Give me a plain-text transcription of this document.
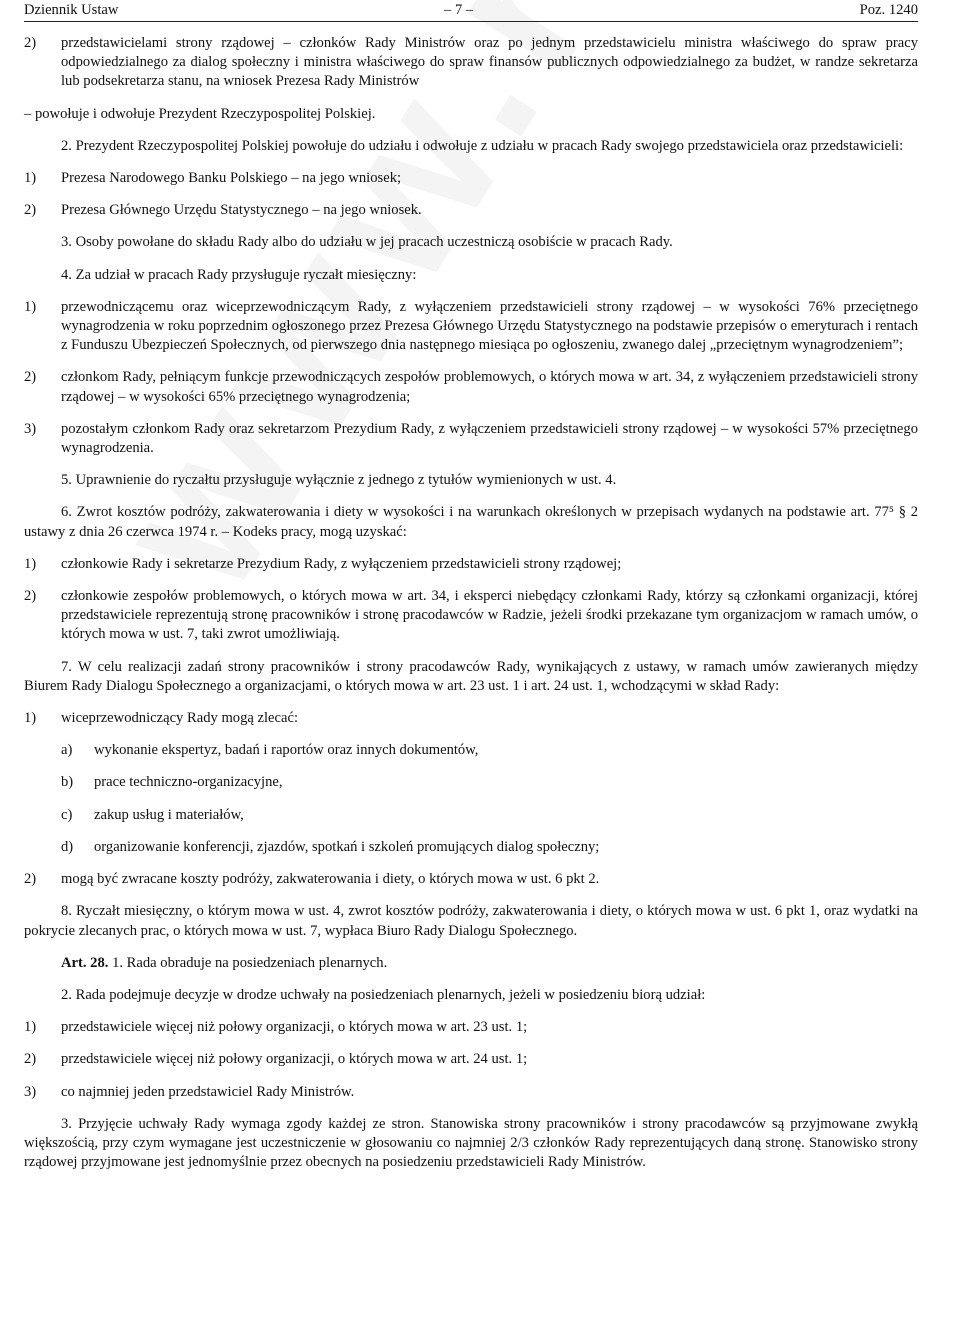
Dziennik Ustaw	– 7 –	Poz. 1240

2) przedstawicielami strony rządowej – członków Rady Ministrów oraz po jednym przedstawicielu ministra właściwego do spraw pracy odpowiedzialnego za dialog społeczny i ministra właściwego do spraw finansów publicznych odpowiedzialnego za budżet, w randze sekretarza lub podsekretarza stanu, na wniosek Prezesa Rady Ministrów

– powołuje i odwołuje Prezydent Rzeczypospolitej Polskiej.

2. Prezydent Rzeczypospolitej Polskiej powołuje do udziału i odwołuje z udziału w pracach Rady swojego przedstawiciela oraz przedstawicieli:

1) Prezesa Narodowego Banku Polskiego – na jego wniosek;

2) Prezesa Głównego Urzędu Statystycznego – na jego wniosek.

3. Osoby powołane do składu Rady albo do udziału w jej pracach uczestniczą osobiście w pracach Rady.

4. Za udział w pracach Rady przysługuje ryczałt miesięczny:

1) przewodniczącemu oraz wiceprzewodniczącym Rady, z wyłączeniem przedstawicieli strony rządowej – w wysokości 76% przeciętnego wynagrodzenia w roku poprzednim ogłoszonego przez Prezesa Głównego Urzędu Statystycznego na podstawie przepisów o emeryturach i rentach z Funduszu Ubezpieczeń Społecznych, od pierwszego dnia następnego miesiąca po ogłoszeniu, zwanego dalej „przeciętnym wynagrodzeniem”;

2) członkom Rady, pełniącym funkcje przewodniczących zespołów problemowych, o których mowa w art. 34, z wyłączeniem przedstawicieli strony rządowej – w wysokości 65% przeciętnego wynagrodzenia;

3) pozostałym członkom Rady oraz sekretarzom Prezydium Rady, z wyłączeniem przedstawicieli strony rządowej – w wysokości 57% przeciętnego wynagrodzenia.

5. Uprawnienie do ryczałtu przysługuje wyłącznie z jednego z tytułów wymienionych w ust. 4.

6. Zwrot kosztów podróży, zakwaterowania i diety w wysokości i na warunkach określonych w przepisach wydanych na podstawie art. 77⁵ § 2 ustawy z dnia 26 czerwca 1974 r. – Kodeks pracy, mogą uzyskać:

1) członkowie Rady i sekretarze Prezydium Rady, z wyłączeniem przedstawicieli strony rządowej;

2) członkowie zespołów problemowych, o których mowa w art. 34, i eksperci niebędący członkami Rady, którzy są członkami organizacji, której przedstawiciele reprezentują stronę pracowników i stronę pracodawców w Radzie, jeżeli środki przekazane tym organizacjom w ramach umów, o których mowa w ust. 7, taki zwrot umożliwiają.

7. W celu realizacji zadań strony pracowników i strony pracodawców Rady, wynikających z ustawy, w ramach umów zawieranych między Biurem Rady Dialogu Społecznego a organizacjami, o których mowa w art. 23 ust. 1 i art. 24 ust. 1, wchodzącymi w skład Rady:

1) wiceprzewodniczący Rady mogą zlecać:

a) wykonanie ekspertyz, badań i raportów oraz innych dokumentów,

b) prace techniczno-organizacyjne,

c) zakup usług i materiałów,

d) organizowanie konferencji, zjazdów, spotkań i szkoleń promujących dialog społeczny;

2) mogą być zwracane koszty podróży, zakwaterowania i diety, o których mowa w ust. 6 pkt 2.

8. Ryczałt miesięczny, o którym mowa w ust. 4, zwrot kosztów podróży, zakwaterowania i diety, o których mowa w ust. 6 pkt 1, oraz wydatki na pokrycie zlecanych prac, o których mowa w ust. 7, wypłaca Biuro Rady Dialogu Społecznego.

Art. 28. 1. Rada obraduje na posiedzeniach plenarnych.

2. Rada podejmuje decyzje w drodze uchwały na posiedzeniach plenarnych, jeżeli w posiedzeniu biorą udział:

1) przedstawiciele więcej niż połowy organizacji, o których mowa w art. 23 ust. 1;

2) przedstawiciele więcej niż połowy organizacji, o których mowa w art. 24 ust. 1;

3) co najmniej jeden przedstawiciel Rady Ministrów.

3. Przyjęcie uchwały Rady wymaga zgody każdej ze stron. Stanowiska strony pracowników i strony pracodawców są przyjmowane zwykłą większością, przy czym wymagane jest uczestniczenie w głosowaniu co najmniej 2/3 członków Rady reprezentujących daną stronę. Stanowisko strony rządowej przyjmowane jest jednomyślnie przez obecnych na posiedzeniu przedstawicieli Rady Ministrów.
